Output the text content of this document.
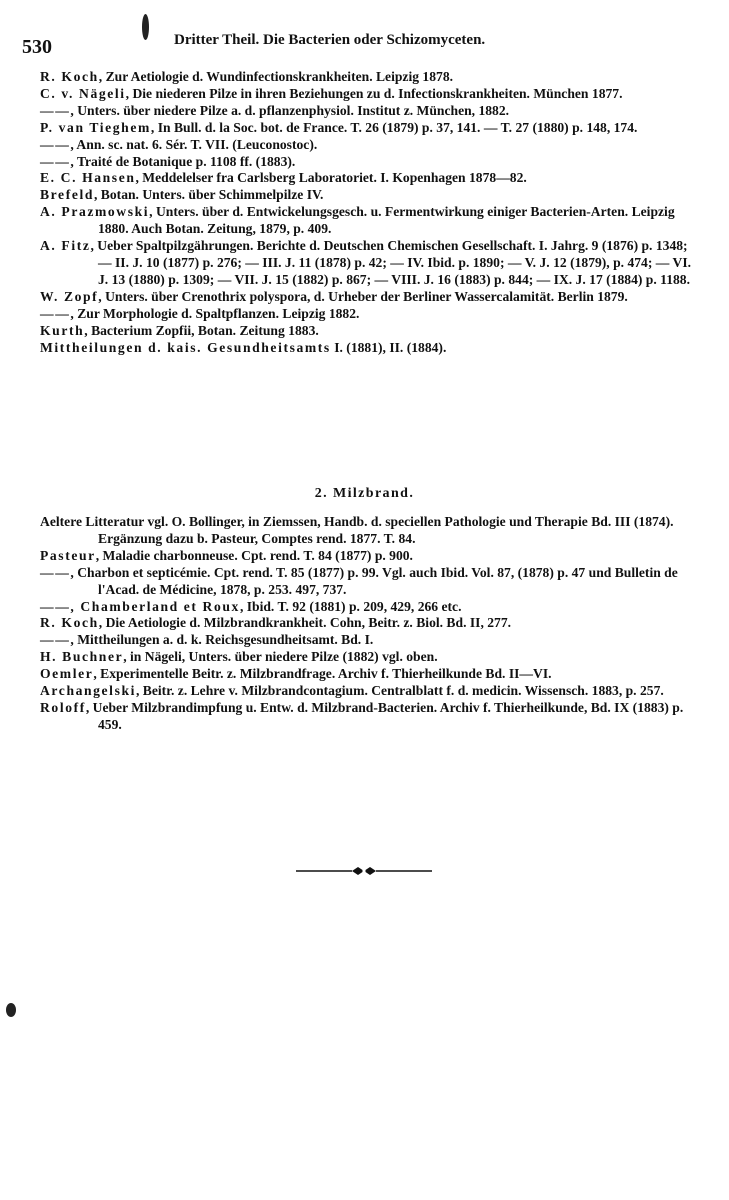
530	Dritter Theil. Die Bacterien oder Schizomyceten.

R. Koch, Zur Aetiologie d. Wundinfectionskrankheiten. Leipzig 1878.

C. v. Nägeli, Die niederen Pilze in ihren Beziehungen zu d. Infectionskrankheiten. München 1877.

——, Unters. über niedere Pilze a. d. pflanzenphysiol. Institut z. München, 1882.

P. van Tieghem, In Bull. d. la Soc. bot. de France. T. 26 (1879) p. 37, 141. — T. 27 (1880) p. 148, 174.

——, Ann. sc. nat. 6. Sér. T. VII. (Leuconostoc).

——, Traité de Botanique p. 1108 ff. (1883).

E. C. Hansen, Meddelelser fra Carlsberg Laboratoriet. I. Kopenhagen 1878—82.

Brefeld, Botan. Unters. über Schimmelpilze IV.

A. Prazmowski, Unters. über d. Entwickelungsgesch. u. Fermentwirkung einiger Bacterien-Arten. Leipzig 1880. Auch Botan. Zeitung, 1879, p. 409.

A. Fitz, Ueber Spaltpilzgährungen. Berichte d. Deutschen Chemischen Gesellschaft. I. Jahrg. 9 (1876) p. 1348; — II. J. 10 (1877) p. 276; — III. J. 11 (1878) p. 42; — IV. Ibid. p. 1890; — V. J. 12 (1879), p. 474; — VI. J. 13 (1880) p. 1309; — VII. J. 15 (1882) p. 867; — VIII. J. 16 (1883) p. 844; — IX. J. 17 (1884) p. 1188.

W. Zopf, Unters. über Crenothrix polyspora, d. Urheber der Berliner Wassercalamität. Berlin 1879.

——, Zur Morphologie d. Spaltpflanzen. Leipzig 1882.

Kurth, Bacterium Zopfii, Botan. Zeitung 1883.

Mittheilungen d. kais. Gesundheitsamts I. (1881), II. (1884).

2. Milzbrand.

Aeltere Litteratur vgl. O. Bollinger, in Ziemssen, Handb. d. speciellen Pathologie und Therapie Bd. III (1874). Ergänzung dazu b. Pasteur, Comptes rend. 1877. T. 84.

Pasteur, Maladie charbonneuse. Cpt. rend. T. 84 (1877) p. 900.

——, Charbon et septicémie. Cpt. rend. T. 85 (1877) p. 99. Vgl. auch Ibid. Vol. 87, (1878) p. 47 und Bulletin de l'Acad. de Médicine, 1878, p. 253. 497, 737.

——, Chamberland et Roux, Ibid. T. 92 (1881) p. 209, 429, 266 etc.

R. Koch, Die Aetiologie d. Milzbrandkrankheit. Cohn, Beitr. z. Biol. Bd. II, 277.

——, Mittheilungen a. d. k. Reichsgesundheitsamt. Bd. I.

H. Buchner, in Nägeli, Unters. über niedere Pilze (1882) vgl. oben.

Oemler, Experimentelle Beitr. z. Milzbrandfrage. Archiv f. Thierheilkunde Bd. II—VI.

Archangelski, Beitr. z. Lehre v. Milzbrandcontagium. Centralblatt f. d. medicin. Wissensch. 1883, p. 257.

Roloff, Ueber Milzbrandimpfung u. Entw. d. Milzbrand-Bacterien. Archiv f. Thierheilkunde, Bd. IX (1883) p. 459.
